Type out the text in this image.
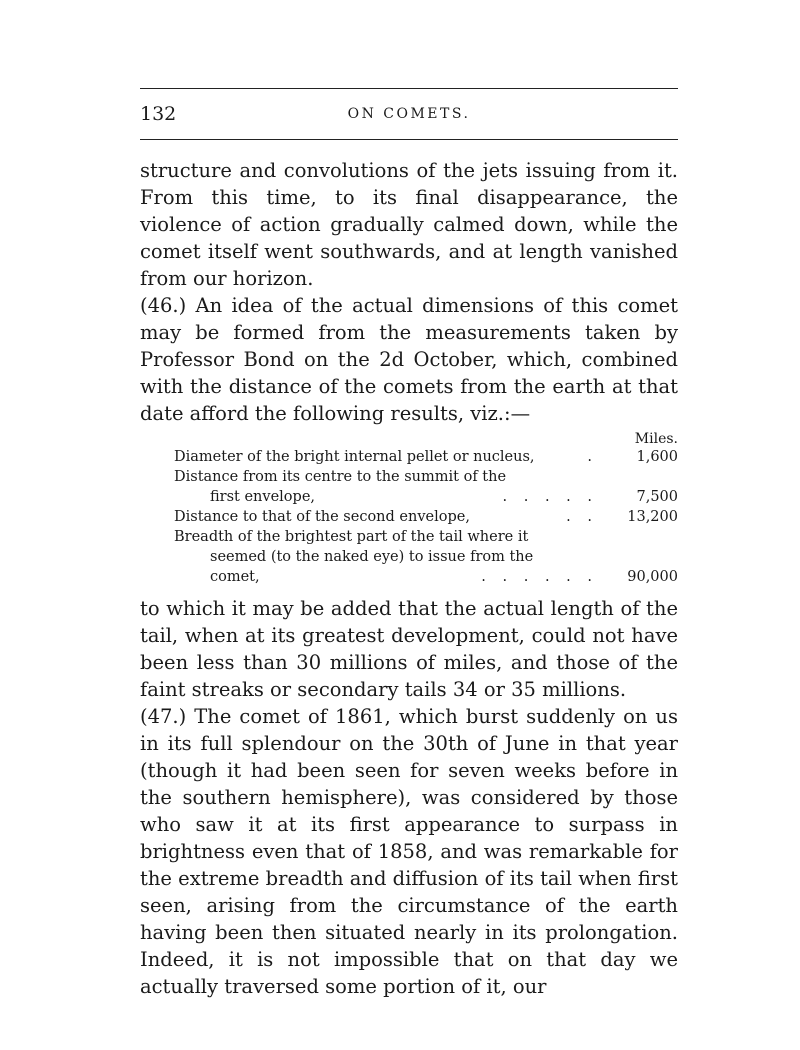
132	ON COMETS.

structure and convolutions of the jets issuing from it. From this time, to its final disappearance, the violence of action gradually calmed down, while the comet itself went southwards, and at length vanished from our horizon.

(46.) An idea of the actual dimensions of this comet may be formed from the measurements taken by Professor Bond on the 2d October, which, combined with the distance of the comets from the earth at that date afford the following results, viz.:—

Miles.
Diameter of the bright internal pellet or nucleus,	.	1,600
Distance from its centre to the summit of the
first envelope,	. . . . .	7,500
Distance to that of the second envelope,	. .	13,200
Breadth of the brightest part of the tail where it
seemed (to the naked eye) to issue from the
comet,	. . . . . .	90,000

to which it may be added that the actual length of the tail, when at its greatest development, could not have been less than 30 millions of miles, and those of the faint streaks or secondary tails 34 or 35 millions.

(47.) The comet of 1861, which burst suddenly on us in its full splendour on the 30th of June in that year (though it had been seen for seven weeks before in the southern hemisphere), was considered by those who saw it at its first appearance to surpass in brightness even that of 1858, and was remarkable for the extreme breadth and diffusion of its tail when first seen, arising from the circumstance of the earth having been then situated nearly in its prolongation. Indeed, it is not impossible that on that day we actually traversed some portion of it, our
